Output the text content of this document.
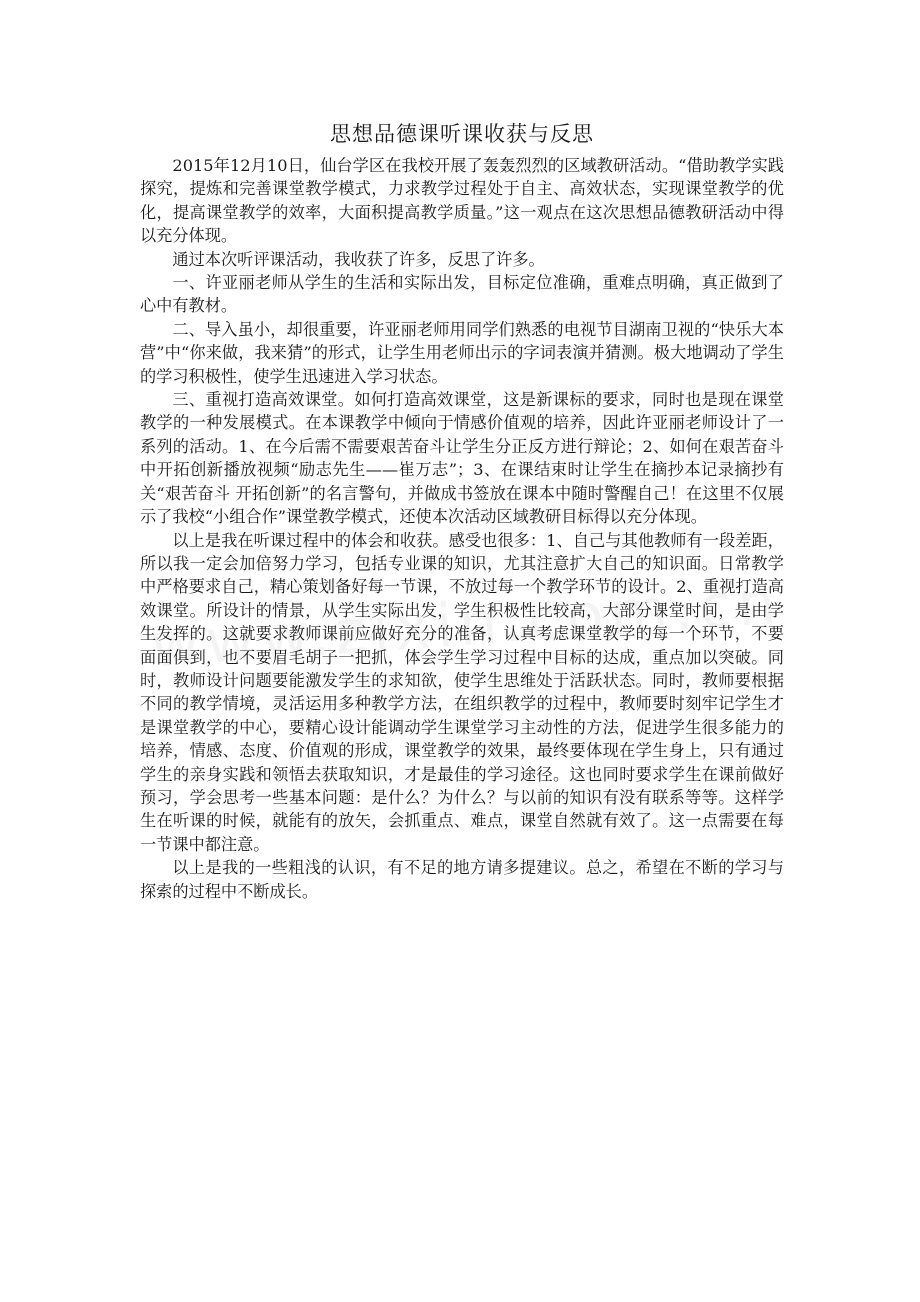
思想品德课听课收获与反思

2015年12月10日，仙台学区在我校开展了轰轰烈烈的区域教研活动。“借助教学实践探究，提炼和完善课堂教学模式，力求教学过程处于自主、高效状态，实现课堂教学的优化，提高课堂教学的效率，大面积提高教学质量。”这一观点在这次思想品德教研活动中得以充分体现。

通过本次听评课活动，我收获了许多，反思了许多。

一、许亚丽老师从学生的生活和实际出发，目标定位准确，重难点明确，真正做到了心中有教材。

二、导入虽小，却很重要，许亚丽老师用同学们熟悉的电视节目湖南卫视的“快乐大本营”中“你来做，我来猜”的形式，让学生用老师出示的字词表演并猜测。极大地调动了学生的学习积极性，使学生迅速进入学习状态。

三、重视打造高效课堂。如何打造高效课堂，这是新课标的要求，同时也是现在课堂教学的一种发展模式。在本课教学中倾向于情感价值观的培养，因此许亚丽老师设计了一系列的活动。1、在今后需不需要艰苦奋斗让学生分正反方进行辩论；2、如何在艰苦奋斗中开拓创新播放视频“励志先生——崔万志”；3、在课结束时让学生在摘抄本记录摘抄有关“艰苦奋斗 开拓创新”的名言警句，并做成书签放在课本中随时警醒自己！在这里不仅展示了我校“小组合作”课堂教学模式，还使本次活动区域教研目标得以充分体现。

以上是我在听课过程中的体会和收获。感受也很多：1、自己与其他教师有一段差距，所以我一定会加倍努力学习，包括专业课的知识，尤其注意扩大自己的知识面。日常教学中严格要求自己，精心策划备好每一节课，不放过每一个教学环节的设计。2、重视打造高效课堂。所设计的情景，从学生实际出发，学生积极性比较高，大部分课堂时间，是由学生发挥的。这就要求教师课前应做好充分的准备，认真考虑课堂教学的每一个环节，不要面面俱到，也不要眉毛胡子一把抓，体会学生学习过程中目标的达成，重点加以突破。同时，教师设计问题要能激发学生的求知欲，使学生思维处于活跃状态。同时，教师要根据不同的教学情境，灵活运用多种教学方法，在组织教学的过程中，教师要时刻牢记学生才是课堂教学的中心，要精心设计能调动学生课堂学习主动性的方法，促进学生很多能力的培养，情感、态度、价值观的形成，课堂教学的效果，最终要体现在学生身上，只有通过学生的亲身实践和领悟去获取知识，才是最佳的学习途径。这也同时要求学生在课前做好预习，学会思考一些基本问题：是什么？为什么？与以前的知识有没有联系等等。这样学生在听课的时候，就能有的放矢，会抓重点、难点，课堂自然就有效了。这一点需要在每一节课中都注意。

以上是我的一些粗浅的认识，有不足的地方请多提建议。总之，希望在不断的学习与探索的过程中不断成长。
